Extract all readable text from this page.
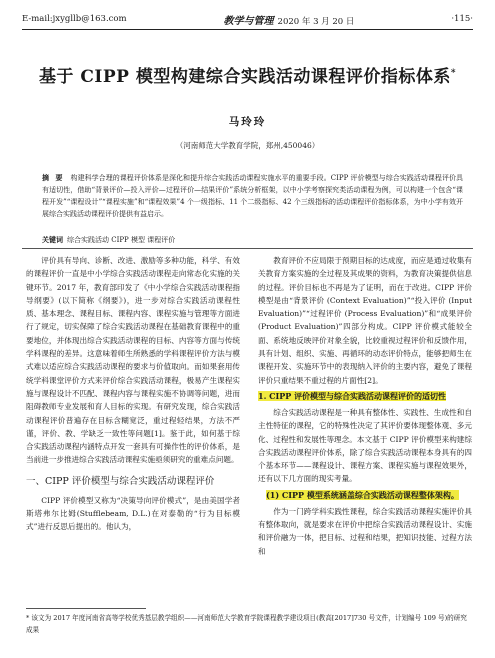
E-mail:jxygllb@163.com	教学与管理 2020 年 3 月 20 日	·115·
基于 CIPP 模型构建综合实践活动课程评价指标体系*
马玲玲
（河南师范大学教育学院，郑州,450046）
摘 要 构建科学合理的课程评价体系是深化和提升综合实践活动课程实施水平的重要手段。CIPP 评价模型与综合实践活动课程评价具有适切性，借助“背景评价—投入评价—过程评价—结果评价”系统分析框架，以中小学考察探究类活动课程为例，可以构建一个包含“课程开发”“课程设计”“课程实施”和“课程效果”4 个一级指标、11 个二级指标、42 个三级指标的活动课程评价指标体系，为中小学有效开展综合实践活动课程评价提供有益启示。
关键词 综合实践活动 CIPP 模型 课程评价

评价具有导向、诊断、改进、激励等多种功能，科学、有效的课程评价一直是中小学综合实践活动课程走向常态化实施的关键环节。2017 年，教育部印发了《中小学综合实践活动课程指导纲要》(以下简称《纲要》)，进一步对综合实践活动课程性质、基本理念、课程目标、课程内容、课程实施与管理等方面进行了规定，切实保障了综合实践活动课程在基础教育课程中的重要地位，并体现出综合实践活动课程的目标、内容等方面与传统学科课程的差异。这意味着师生所熟悉的学科课程评价方法与模式难以适应综合实践活动课程的要求与价值取向。而如果套用传统学科课堂评价方式来评价综合实践活动课程，极易产生课程实施与课程设计不匹配、课程内容与课程实施不协调等问题，进而阻碍教师专业发展和育人目标的实现。有研究发现，综合实践活动课程评价普遍存在目标含糊宽泛，重过程轻结果，方法不严谨，评价、教、学缺乏一致性等问题[1]。鉴于此，如何基于综合实践活动课程内涵特点开发一套具有可操作性的评价体系，是当前进一步推进综合实践活动课程实施亟须研究的重难点问题。

一、CIPP 评价模型与综合实践活动课程评价

CIPP 评价模型又称为“决策导向评价模式”，是由美国学者斯塔弗尔比姆(Stufflebeam, D.L.)在对泰勒的“行为目标模式”进行反思后提出的。他认为，

教育评价不应局限于预期目标的达成度，而应是通过收集有关教育方案实施的全过程及其成果的资料，为教育决策提供信息的过程。评价目标也不再是为了证明，而在于改进。CIPP 评价模型是由“背景评价 (Context Evaluation)”“投入评价 (Input Evaluation)”“过程评价 (Process Evaluation)”和“成果评价 (Product Evaluation)”四部分构成。CIPP 评价模式能较全面、系统地反映评价对象全貌，比较重视过程评价和反馈作用，具有计划、组织、实施、再循环的动态评价特点，能够把师生在课程开发、实施环节中的表现纳入评价的主要内容，避免了课程评价只重结果不重过程的片面性[2]。

1. CIPP 评价模型与综合实践活动课程评价的适切性

综合实践活动课程是一种具有整体性、实践性、生成性和自主性特征的课程，它的特殊性决定了其评价要体现整体观、多元化、过程性和发展性等理念。本文基于 CIPP 评价模型来构建综合实践活动课程评价体系，除了综合实践活动课程本身具有的四个基本环节——课程设计、课程方案、课程实施与课程效果外，还有以下几方面的现实考量。

(1) CIPP 模型系统涵盖综合实践活动课程整体架构。

作为一门跨学科实践性课程，综合实践活动课程实施评价具有整体取向，就是要求在评价中把综合实践活动课程设计、实施和评价融为一体，把目标、过程和结果，把知识技能、过程方法和

* 该文为 2017 年度河南省高等学校优秀基层教学组织——河南师范大学教育学院课程教学建设项目(教高[2017]730 号文件，计划编号 109 号)的研究成果
